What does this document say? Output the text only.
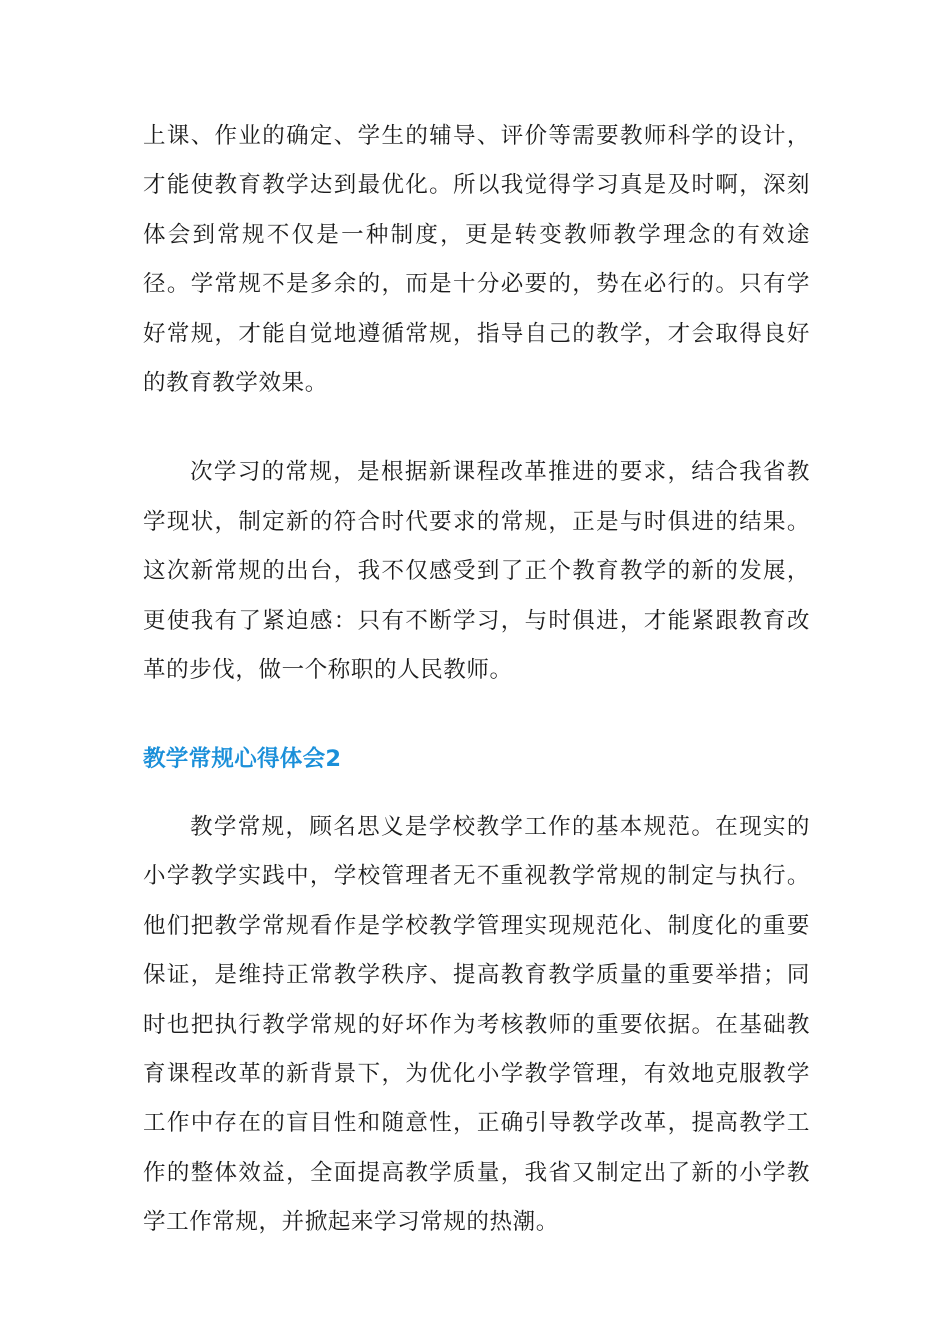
上课、作业的确定、学生的辅导、评价等需要教师科学的设计，才能使教育教学达到最优化。所以我觉得学习真是及时啊，深刻体会到常规不仅是一种制度，更是转变教师教学理念的有效途径。学常规不是多余的，而是十分必要的，势在必行的。只有学好常规，才能自觉地遵循常规，指导自己的教学，才会取得良好的教育教学效果。

次学习的常规，是根据新课程改革推进的要求，结合我省教学现状，制定新的符合时代要求的常规，正是与时俱进的结果。这次新常规的出台，我不仅感受到了正个教育教学的新的发展，更使我有了紧迫感：只有不断学习，与时俱进，才能紧跟教育改革的步伐，做一个称职的人民教师。

教学常规心得体会2

教学常规，顾名思义是学校教学工作的基本规范。在现实的小学教学实践中，学校管理者无不重视教学常规的制定与执行。他们把教学常规看作是学校教学管理实现规范化、制度化的重要保证，是维持正常教学秩序、提高教育教学质量的重要举措；同时也把执行教学常规的好坏作为考核教师的重要依据。在基础教育课程改革的新背景下，为优化小学教学管理，有效地克服教学工作中存在的盲目性和随意性，正确引导教学改革，提高教学工作的整体效益，全面提高教学质量，我省又制定出了新的小学教学工作常规，并掀起来学习常规的热潮。
